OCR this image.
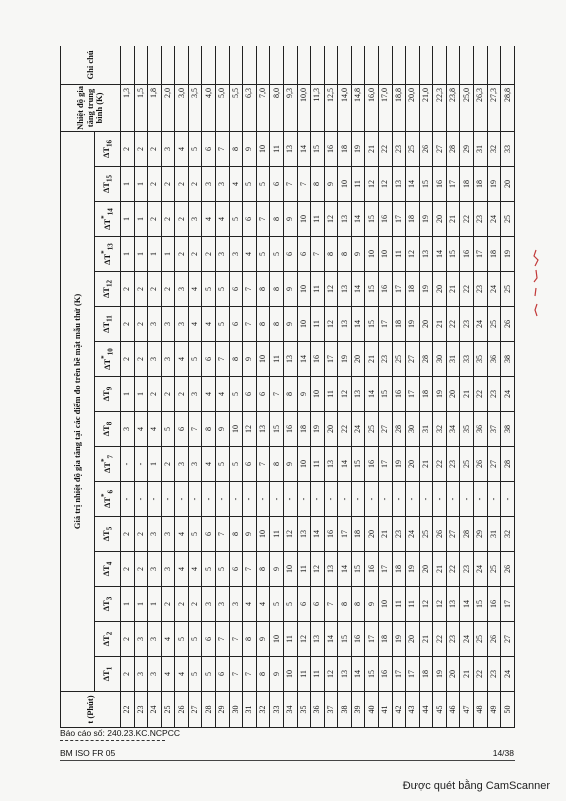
t (Phút)	Giá trị nhiệt độ gia tăng tại các điểm đo trên bề mặt mẫu thử (K)																Nhiệt độ gia tăng trung bình (K)	Ghi chú
	$\Delta T_1$	$\Delta T_2$	$\Delta T_3$	$\Delta T_4$	$\Delta T_5$	$\Delta T^*_6$	$\Delta T^*_7$	$\Delta T_8$	$\Delta T_9$	$\Delta T^*_{10}$	$\Delta T_{11}$	$\Delta T_{12}$	$\Delta T^*_{13}$	$\Delta T^*_{14}$	$\Delta T_{15}$	$\Delta T_{16}$
22	2	2	1	2	2	-	-	3	1	2	2	2	1	1	1	2	1,3	
23	3	3	1	2	2	-	-	4	1	2	2	2	1	1	1	2	1,5	
24	3	3	1	3	3	-	1	4	2	3	3	2	1	2	2	2	1,8	
25	4	4	2	3	3	-	2	5	2	3	3	2	1	2	2	3	2,0	
26	4	5	2	4	4	-	3	6	2	4	3	3	2	2	2	4	3,0	
27	5	5	2	4	5	-	3	7	3	5	4	4	2	3	2	5	3,5	
28	5	6	3	5	6	-	4	8	4	6	4	5	2	4	3	6	4,0	
29	6	7	3	5	7	-	5	9	4	7	5	5	3	4	3	7	5,0	
30	7	7	3	6	8	-	5	10	5	8	6	6	3	5	4	8	5,5	
31	7	8	4	7	9	-	6	12	6	9	7	7	4	6	5	9	6,3	
32	8	9	4	8	10	-	7	13	6	10	8	8	5	7	5	10	7,0	
33	9	10	5	9	11	-	8	15	7	11	8	8	5	8	6	11	8,0	
34	10	11	5	10	12	-	9	16	8	13	9	9	6	9	7	13	9,3	
35	11	12	6	11	13	-	10	18	9	14	10	10	6	10	7	14	10,0	
36	11	13	6	12	14	-	11	19	10	16	11	11	7	11	8	15	11,3	
37	12	14	7	13	16	-	13	20	11	17	12	12	8	12	9	16	12,5	
38	13	15	8	14	17	-	14	22	12	19	13	13	8	13	10	18	14,0	
39	14	16	8	15	18	-	15	24	13	20	14	14	9	14	11	19	14,8	
40	15	17	9	16	20	-	16	25	14	21	15	15	10	15	12	21	16,0	
41	16	18	10	17	21	-	17	27	15	23	17	16	10	16	12	22	17,0	
42	17	19	11	18	23	-	19	28	16	25	18	17	11	17	13	23	18,8	
43	17	20	11	19	24	-	20	30	17	27	19	18	12	18	14	25	20,0	
44	18	21	12	20	25	-	21	31	18	28	20	19	13	19	15	26	21,0	
45	19	22	12	21	26	-	22	32	19	30	21	20	14	20	16	27	22,3	
46	20	23	13	22	27	-	23	34	20	31	22	21	15	21	17	28	23,8	
47	21	24	14	23	28	-	25	35	21	33	23	22	16	22	18	29	25,0	
48	22	25	15	24	29	-	26	36	22	35	24	23	17	23	18	31	26,3	
49	23	26	16	25	31	-	27	37	23	36	25	24	18	24	19	32	27,3	
50	24	27	17	26	32	-	28	38	24	38	26	25	19	25	20	33	28,8	
Báo cáo số: 240.23.KC.NCPCC
BM ISO FR 05	14/38
Được quét bằng CamScanner
